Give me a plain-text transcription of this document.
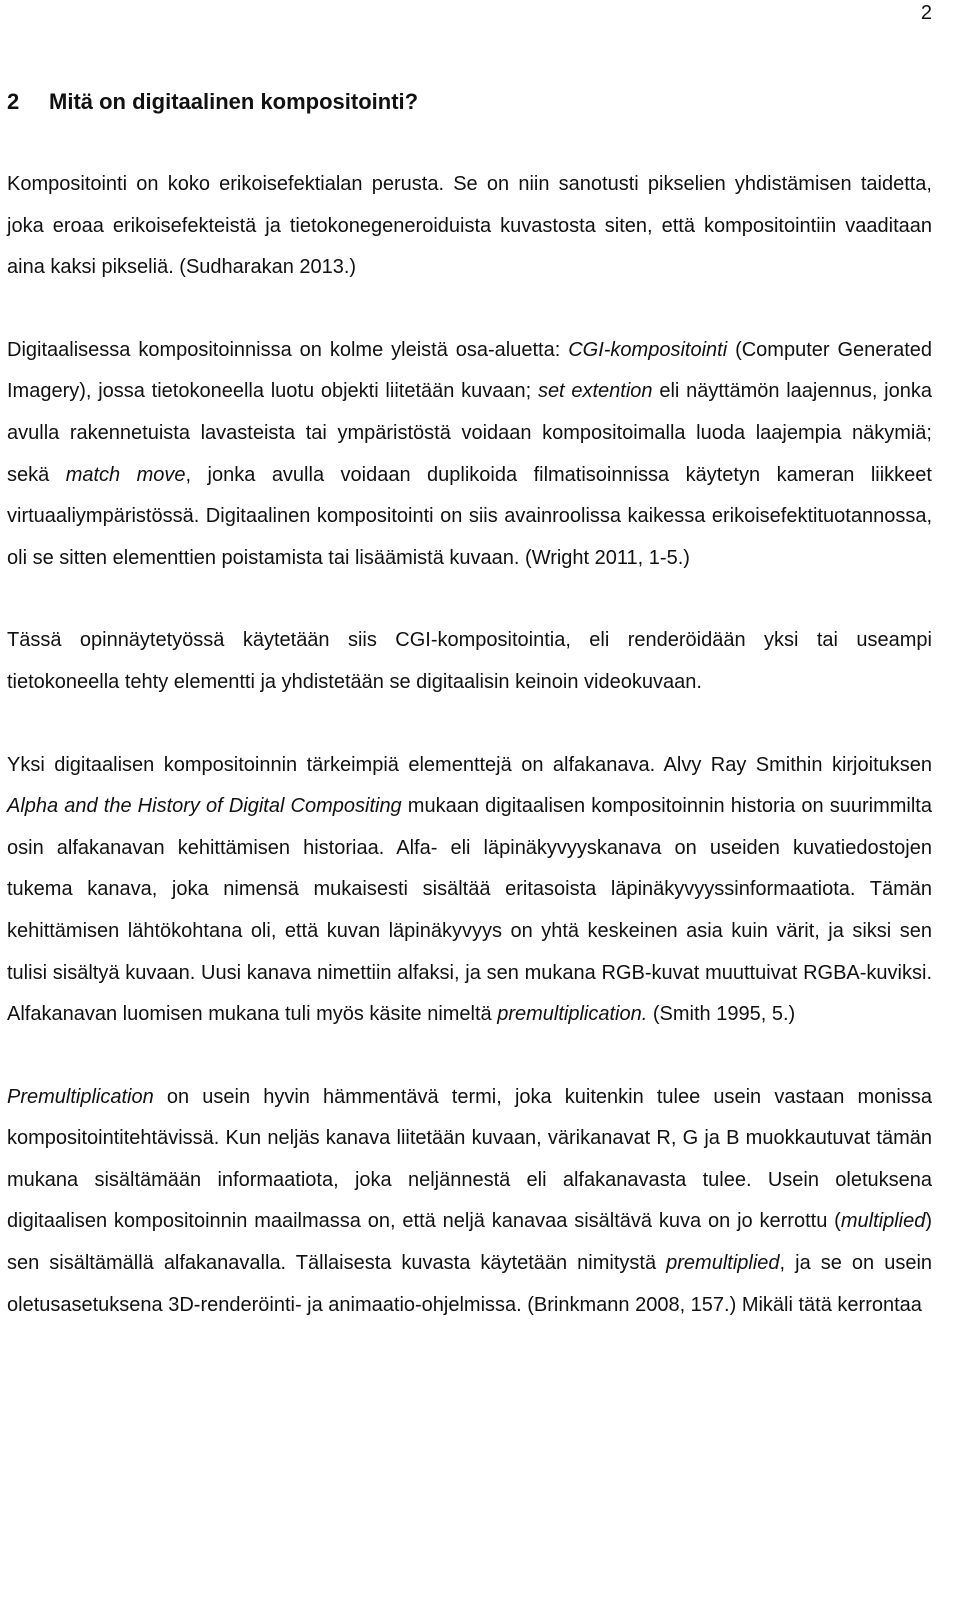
2
2 Mitä on digitaalinen kompositointi?

Kompositointi on koko erikoisefektialan perusta. Se on niin sanotusti pikselien yhdistämisen taidetta, joka eroaa erikoisefekteistä ja tietokonegeneroiduista kuvastosta siten, että kompositointiin vaaditaan aina kaksi pikseliä. (Sudharakan 2013.)

Digitaalisessa kompositoinnissa on kolme yleistä osa-aluetta: CGI-kompositointi (Computer Generated Imagery), jossa tietokoneella luotu objekti liitetään kuvaan; set extention eli näyttämön laajennus, jonka avulla rakennetuista lavasteista tai ympäristöstä voidaan kompositoimalla luoda laajempia näkymiä; sekä match move, jonka avulla voidaan duplikoida filmatisoinnissa käytetyn kameran liikkeet virtuaaliympäristössä. Digitaalinen kompositointi on siis avainroolissa kaikessa erikoisefektituotannossa, oli se sitten elementtien poistamista tai lisäämistä kuvaan. (Wright 2011, 1-5.)

Tässä opinnäytetyössä käytetään siis CGI-kompositointia, eli renderöidään yksi tai useampi tietokoneella tehty elementti ja yhdistetään se digitaalisin keinoin videokuvaan.

Yksi digitaalisen kompositoinnin tärkeimpiä elementtejä on alfakanava. Alvy Ray Smithin kirjoituksen Alpha and the History of Digital Compositing mukaan digitaalisen kompositoinnin historia on suurimmilta osin alfakanavan kehittämisen historiaa. Alfa- eli läpinäkyvyyskanava on useiden kuvatiedostojen tukema kanava, joka nimensä mukaisesti sisältää eritasoista läpinäkyvyyssinformaatiota. Tämän kehittämisen lähtökohtana oli, että kuvan läpinäkyvyys on yhtä keskeinen asia kuin värit, ja siksi sen tulisi sisältyä kuvaan. Uusi kanava nimettiin alfaksi, ja sen mukana RGB-kuvat muuttuivat RGBA-kuviksi. Alfakanavan luomisen mukana tuli myös käsite nimeltä premultiplication. (Smith 1995, 5.)

Premultiplication on usein hyvin hämmentävä termi, joka kuitenkin tulee usein vastaan monissa kompositointitehtävissä. Kun neljäs kanava liitetään kuvaan, värikanavat R, G ja B muokkautuvat tämän mukana sisältämään informaatiota, joka neljännestä eli alfakanavasta tulee. Usein oletuksena digitaalisen kompositoinnin maailmassa on, että neljä kanavaa sisältävä kuva on jo kerrottu (multiplied) sen sisältämällä alfakanavalla. Tällaisesta kuvasta käytetään nimitystä premultiplied, ja se on usein oletusasetuksena 3D-renderöinti- ja animaatio-ohjelmissa. (Brinkmann 2008, 157.) Mikäli tätä kerrontaa
